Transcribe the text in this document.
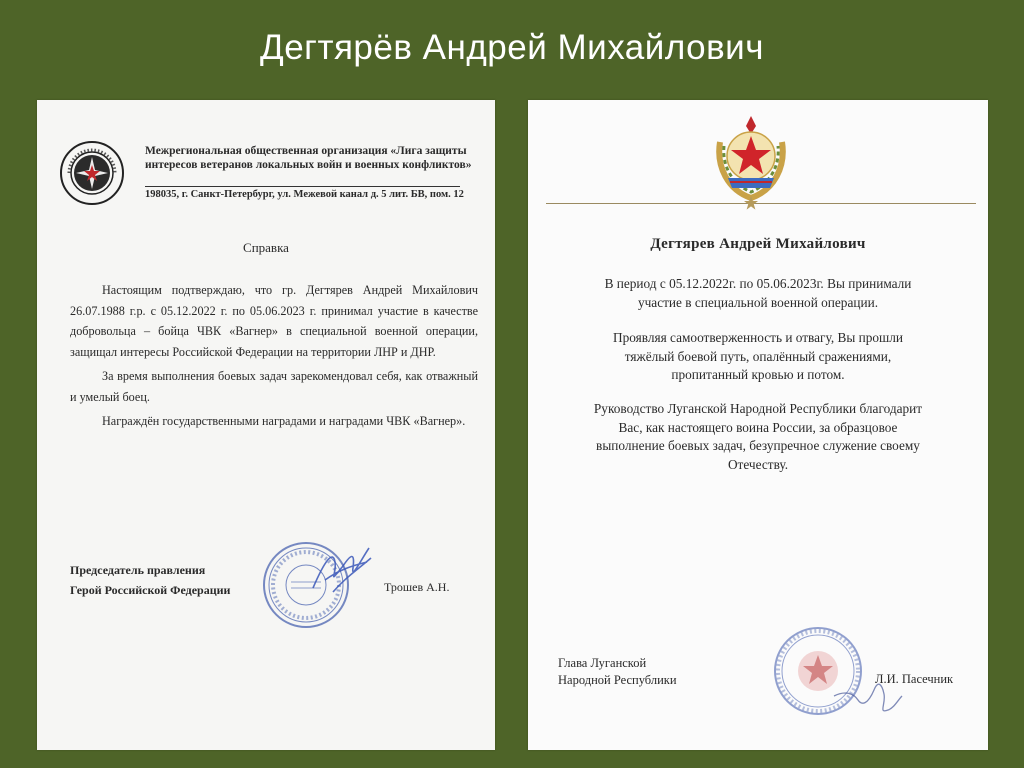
Дегтярёв Андрей Михайлович
Межрегиональная общественная организация «Лига защиты интересов ветеранов локальных войн и военных конфликтов»
198035, г. Санкт-Петербург, ул. Межевой канал д. 5 лит. БВ, пом. 12
Справка

Настоящим подтверждаю, что гр. Дегтярев Андрей Михайлович 26.07.1988 г.р. с 05.12.2022 г. по 05.06.2023 г. принимал участие в качестве добровольца – бойца ЧВК «Вагнер» в специальной военной операции, защищал интересы Российской Федерации на территории ЛНР и ДНР.

За время выполнения боевых задач зарекомендовал себя, как отважный и умелый боец.

Награждён государственными наградами и наградами ЧВК «Вагнер».

Председатель правления
Герой Российской Федерации	Трошев А.Н.
Дегтярев Андрей Михайлович
В период с 05.12.2022г. по 05.06.2023г. Вы принимали
участие в специальной военной операции.
Проявляя самоотверженность и отвагу, Вы прошли
тяжёлый боевой путь, опалённый сражениями,
пропитанный кровью и потом.
Руководство Луганской Народной Республики благодарит
Вас, как настоящего воина России, за образцовое
выполнение боевых задач, безупречное служение своему
Отечеству.
Глава Луганской
Народной Республики	Л.И. Пасечник
